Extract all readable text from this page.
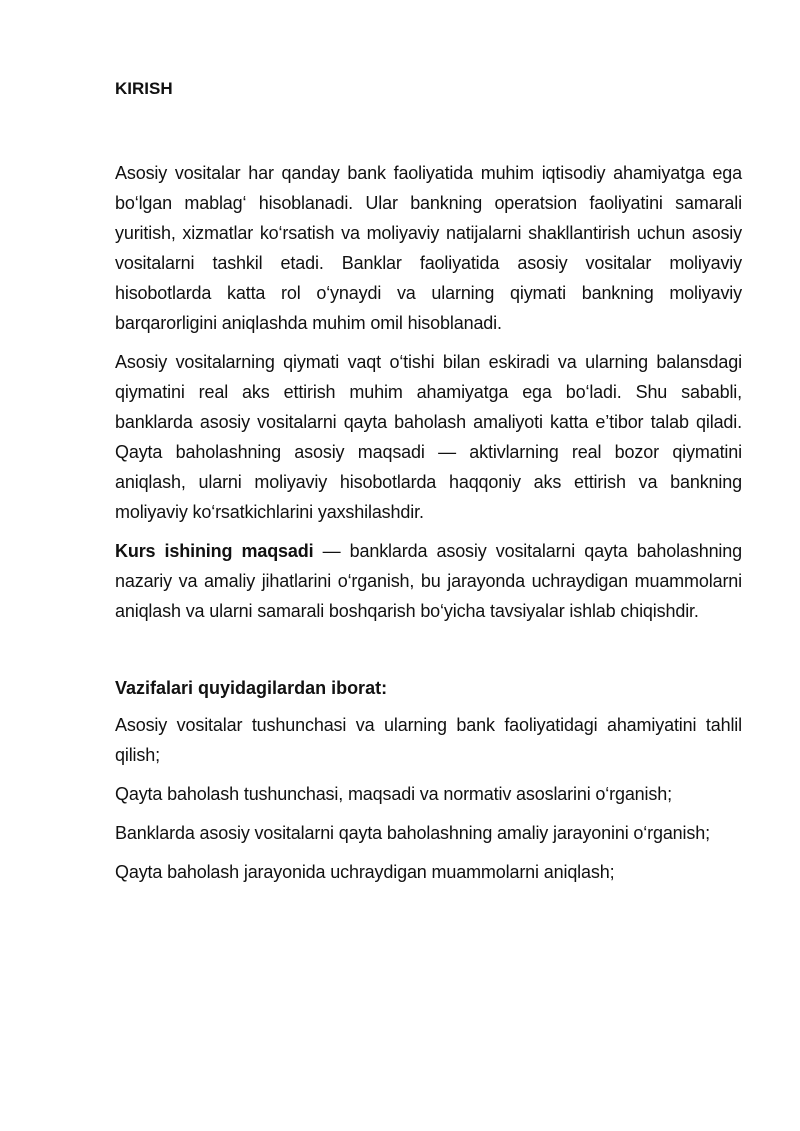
KIRISH

Asosiy vositalar har qanday bank faoliyatida muhim iqtisodiy ahamiyatga ega bo‘lgan mablag‘ hisoblanadi. Ular bankning operatsion faoliyatini samarali yuritish, xizmatlar ko‘rsatish va moliyaviy natijalarni shakllantirish uchun asosiy vositalarni tashkil etadi. Banklar faoliyatida asosiy vositalar moliyaviy hisobotlarda katta rol o‘ynaydi va ularning qiymati bankning moliyaviy barqarorligini aniqlashda muhim omil hisoblanadi.

Asosiy vositalarning qiymati vaqt o‘tishi bilan eskiradi va ularning balansdagi qiymatini real aks ettirish muhim ahamiyatga ega bo‘ladi. Shu sababli, banklarda asosiy vositalarni qayta baholash amaliyoti katta e’tibor talab qiladi. Qayta baholashning asosiy maqsadi — aktivlarning real bozor qiymatini aniqlash, ularni moliyaviy hisobotlarda haqqoniy aks ettirish va bankning moliyaviy ko‘rsatkichlarini yaxshilashdir.

Kurs ishining maqsadi — banklarda asosiy vositalarni qayta baholashning nazariy va amaliy jihatlarini o‘rganish, bu jarayonda uchraydigan muammolarni aniqlash va ularni samarali boshqarish bo‘yicha tavsiyalar ishlab chiqishdir.

Vazifalari quyidagilardan iborat:

Asosiy vositalar tushunchasi va ularning bank faoliyatidagi ahamiyatini tahlil qilish;

Qayta baholash tushunchasi, maqsadi va normativ asoslarini o‘rganish;

Banklarda asosiy vositalarni qayta baholashning amaliy jarayonini o‘rganish;

Qayta baholash jarayonida uchraydigan muammolarni aniqlash;
